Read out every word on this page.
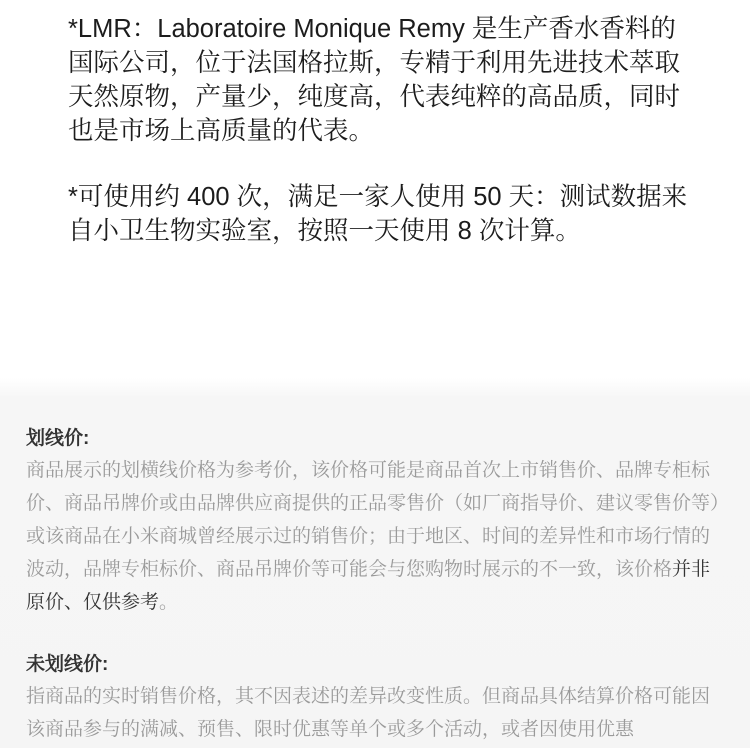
*LMR：Laboratoire Monique Remy 是生产香水香料的国际公司，位于法国格拉斯，专精于利用先进技术萃取天然原物，产量少，纯度高，代表纯粹的高品质，同时也是市场上高质量的代表。

*可使用约 400 次，满足一家人使用 50 天：测试数据来自小卫生物实验室，按照一天使用 8 次计算。

划线价:

商品展示的划横线价格为参考价，该价格可能是商品首次上市销售价、品牌专柜标价、商品吊牌价或由品牌供应商提供的正品零售价（如厂商指导价、建议零售价等）或该商品在小米商城曾经展示过的销售价；由于地区、时间的差异性和市场行情的波动，品牌专柜标价、商品吊牌价等可能会与您购物时展示的不一致，该价格并非原价、仅供参考。

未划线价:

指商品的实时销售价格，其不因表述的差异改变性质。但商品具体结算价格可能因该商品参与的满减、预售、限时优惠等单个或多个活动，或者因使用优惠
